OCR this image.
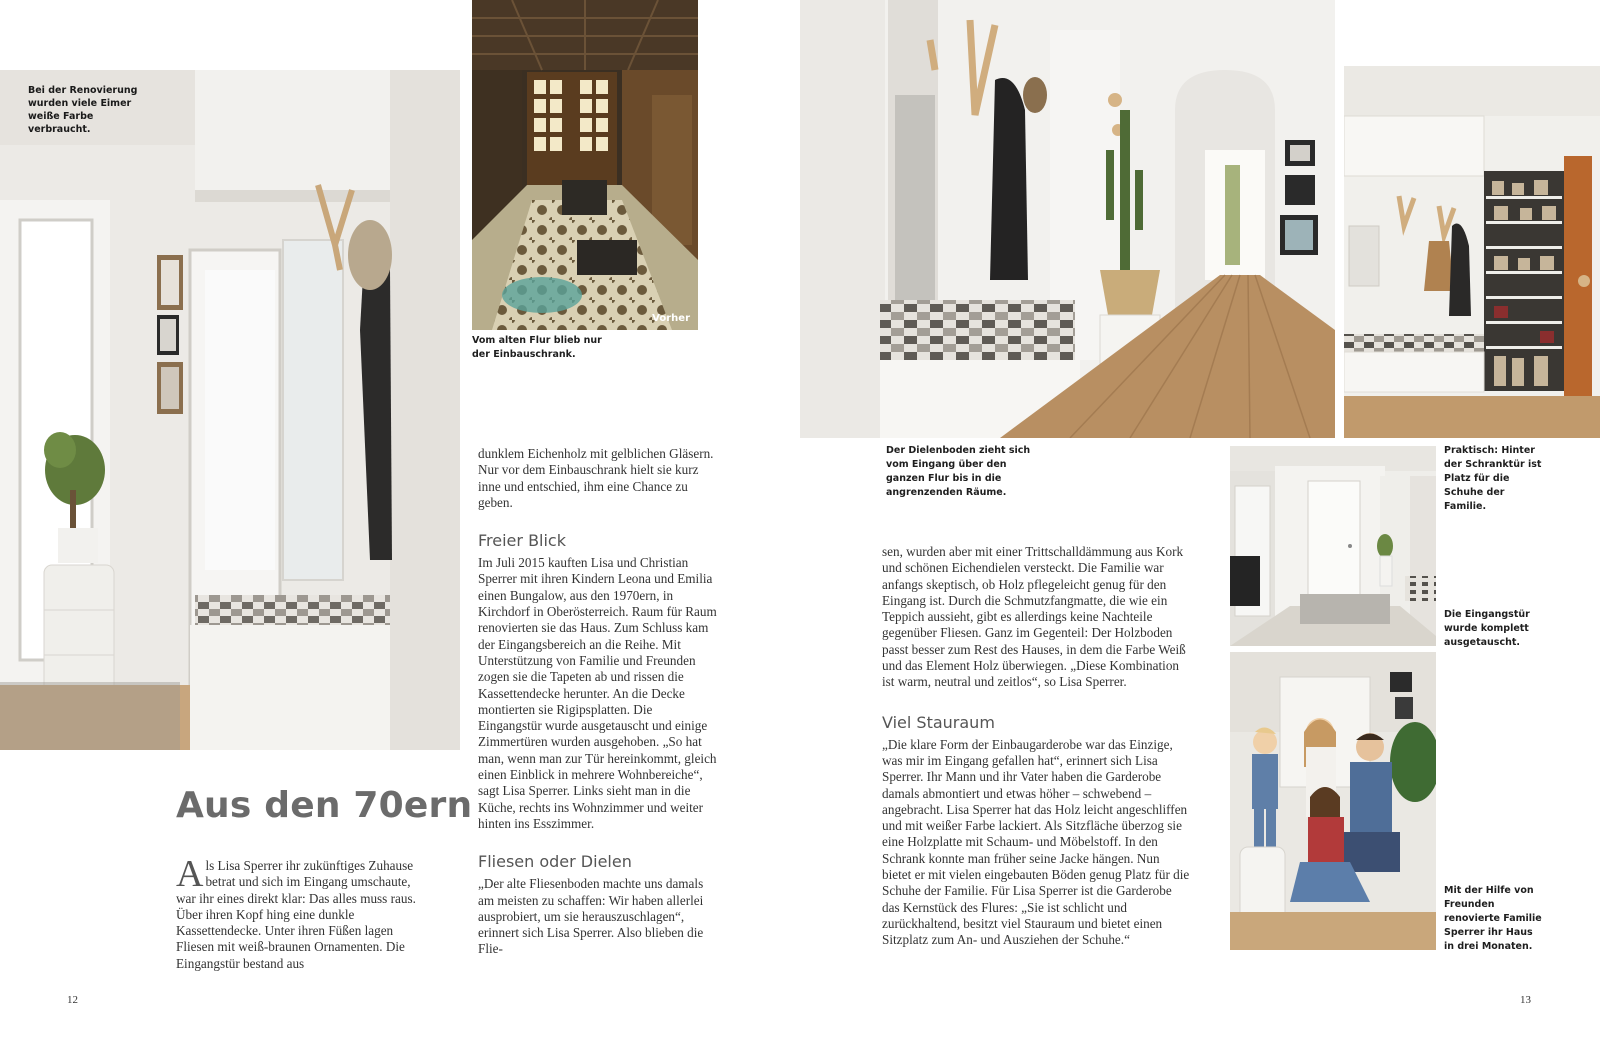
Bei der Renovierung wurden viele Eimer weiße Farbe verbraucht.
Vorher
Vom alten Flur blieb nur der Einbauschrank.
Der Dielenboden zieht sich vom Eingang über den ganzen Flur bis in die angrenzenden Räume.
Praktisch: Hinter der Schranktür ist Platz für die Schuhe der Familie.
Die Eingangstür wurde komplett ausgetauscht.
Mit der Hilfe von Freunden renovierte Familie Sperrer ihr Haus in drei Monaten.
Aus den 70ern

Als Lisa Sperrer ihr zukünftiges Zuhause betrat und sich im Eingang umschaute, war ihr eines direkt klar: Das alles muss raus. Über ihren Kopf hing eine dunkle Kassettendecke. Unter ihren Füßen lagen Fliesen mit weiß-braunen Ornamenten. Die Eingangstür bestand aus

dunklem Eichenholz mit gelblichen Gläsern. Nur vor dem Einbauschrank hielt sie kurz inne und entschied, ihm eine Chance zu geben.

Freier Blick

Im Juli 2015 kauften Lisa und Christian Sperrer mit ihren Kindern Leona und Emilia einen Bungalow, aus den 1970ern, in Kirchdorf in Oberösterreich. Raum für Raum renovierten sie das Haus. Zum Schluss kam der Eingangsbereich an die Reihe. Mit Unterstützung von Familie und Freunden zogen sie die Tapeten ab und rissen die Kassettendecke herunter. An die Decke montierten sie Rigipsplatten. Die Eingangstür wurde ausgetauscht und einige Zimmertüren wurden ausgehoben. „So hat man, wenn man zur Tür hereinkommt, gleich einen Einblick in mehrere Wohnbereiche“, sagt Lisa Sperrer. Links sieht man in die Küche, rechts ins Wohnzimmer und weiter hinten ins Esszimmer.

Fliesen oder Dielen

„Der alte Fliesenboden machte uns damals am meisten zu schaffen: Wir haben allerlei ausprobiert, um sie herauszuschlagen“, erinnert sich Lisa Sperrer. Also blieben die Flie-

sen, wurden aber mit einer Trittschalldämmung aus Kork und schönen Eichendielen versteckt. Die Familie war anfangs skeptisch, ob Holz pflegeleicht genug für den Eingang ist. Durch die Schmutzfangmatte, die wie ein Teppich aussieht, gibt es allerdings keine Nachteile gegenüber Fliesen. Ganz im Gegenteil: Der Holzboden passt besser zum Rest des Hauses, in dem die Farbe Weiß und das Element Holz überwiegen. „Diese Kombination ist warm, neutral und zeitlos“, so Lisa Sperrer.

Viel Stauraum

„Die klare Form der Einbaugarderobe war das Einzige, was mir im Eingang gefallen hat“, erinnert sich Lisa Sperrer. Ihr Mann und ihr Vater haben die Garderobe damals abmontiert und etwas höher – schwebend – angebracht. Lisa Sperrer hat das Holz leicht angeschliffen und mit weißer Farbe lackiert. Als Sitzfläche überzog sie eine Holzplatte mit Schaum- und Möbelstoff. In den Schrank konnte man früher seine Jacke hängen. Nun bietet er mit vielen eingebauten Böden genug Platz für die Schuhe der Familie. Für Lisa Sperrer ist die Garderobe das Kernstück des Flures: „Sie ist schlicht und zurückhaltend, besitzt viel Stauraum und bietet einen Sitzplatz zum An- und Ausziehen der Schuhe.“

12	13
